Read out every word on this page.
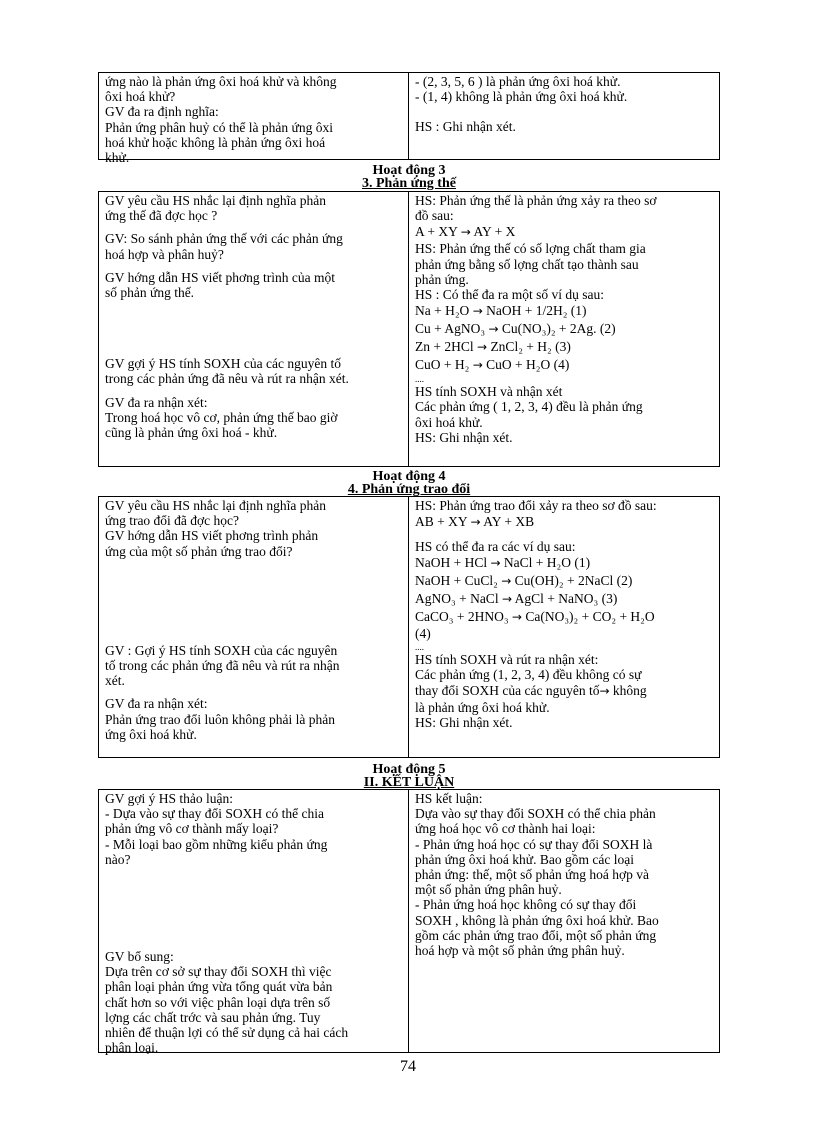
ứng nào là phản ứng ôxi hoá khử và không
ôxi hoá khử?
GV đa ra định nghĩa:
Phản ứng phân huỷ có thể là phản ứng ôxi
hoá khử hoặc không là phản ứng ôxi hoá
khử.
- (2, 3, 5, 6 ) là phản ứng ôxi hoá khử.
- (1, 4) không là phản ứng ôxi hoá khử.
HS : Ghi nhận xét.
Hoạt động 3
3. Phản ứng thế
GV yêu cầu HS nhắc lại định nghĩa phản
ứng thế đã đợc học ?
GV: So sánh phản ứng thế với các phản ứng
hoá hợp và phân huỷ?
GV hớng dẫn HS viết phơng trình của một
số phản ứng thế.
GV gợi ý HS tính SOXH của các nguyên tố
trong các phản ứng đã nêu và rút ra nhận xét.
GV đa ra nhận xét:
Trong hoá học vô cơ, phản ứng thế bao giờ
cũng là phản ứng ôxi hoá - khử.
HS: Phản ứng thế là phản ứng xảy ra theo sơ
đồ sau:
A + XY → AY + X
HS: Phản ứng thế có số lợng chất tham gia
phản ứng bằng số lợng chất tạo thành sau
phản ứng.
HS : Có thể đa ra một số ví dụ sau:
Na + H₂O → NaOH + 1/2H₂ (1)
Cu + AgNO₃ → Cu(NO₃)₂ + 2Ag. (2)
Zn + 2HCl → ZnCl₂ + H₂ (3)
CuO + H₂ → CuO + H₂O (4)
....
HS tính SOXH và nhận xét
Các phản ứng ( 1, 2, 3, 4) đều là phản ứng
ôxi hoá khử.
HS: Ghi nhận xét.
Hoạt động 4
4. Phản ứng trao đổi
GV yêu cầu HS nhắc lại định nghĩa phản
ứng trao đổi đã đợc học?
GV hớng dẫn HS viết phơng trình phản
ứng của một số phản ứng trao đổi?
GV : Gợi ý HS tính SOXH của các nguyên
tố trong các phản ứng đã nêu và rút ra nhận
xét.
GV đa ra nhận xét:
Phản ứng trao đổi luôn không phải là phản
ứng ôxi hoá khử.
HS: Phản ứng trao đổi xảy ra theo sơ đồ sau:
AB + XY → AY + XB
HS có thể đa ra các ví dụ sau:
NaOH + HCl → NaCl + H₂O (1)
NaOH + CuCl₂ → Cu(OH)₂ + 2NaCl (2)
AgNO₃ + NaCl → AgCl + NaNO₃ (3)
CaCO₃ + 2HNO₃ → Ca(NO₃)₂ + CO₂ + H₂O
(4)
....
HS tính SOXH và rút ra nhận xét:
Các phản ứng (1, 2, 3, 4) đều không có sự
thay đổi SOXH của các nguyên tố→ không
là phản ứng ôxi hoá khử.
HS: Ghi nhận xét.
Hoạt động 5
II. KẾT LUẬN
GV gợi ý HS thảo luận:
- Dựa vào sự thay đổi SOXH có thể chia
phản ứng vô cơ thành mấy loại?
- Mỗi loại bao gồm những kiểu phản ứng
nào?
GV bổ sung:
Dựa trên cơ sở sự thay đổi SOXH thì việc
phân loại phản ứng vừa tổng quát vừa bản
chất hơn so với việc phân loại dựa trên số
lợng các chất trớc và sau phản ứng. Tuy
nhiên để thuận lợi có thể sử dụng cả hai cách
phân loại.
HS kết luận:
Dựa vào sự thay đổi SOXH có thể chia phản
ứng hoá học vô cơ thành hai loại:
- Phản ứng hoá học có sự thay đổi SOXH là
phản ứng ôxi hoá khử. Bao gồm các loại
phản ứng: thế, một số phản ứng hoá hợp và
một số phản ứng phân huỷ.
- Phản ứng hoá học không có sự thay đổi
SOXH , không là phản ứng ôxi hoá khử. Bao
gồm các phản ứng trao đổi, một số phản ứng
hoá hợp và một số phản ứng phân huỷ.
74
